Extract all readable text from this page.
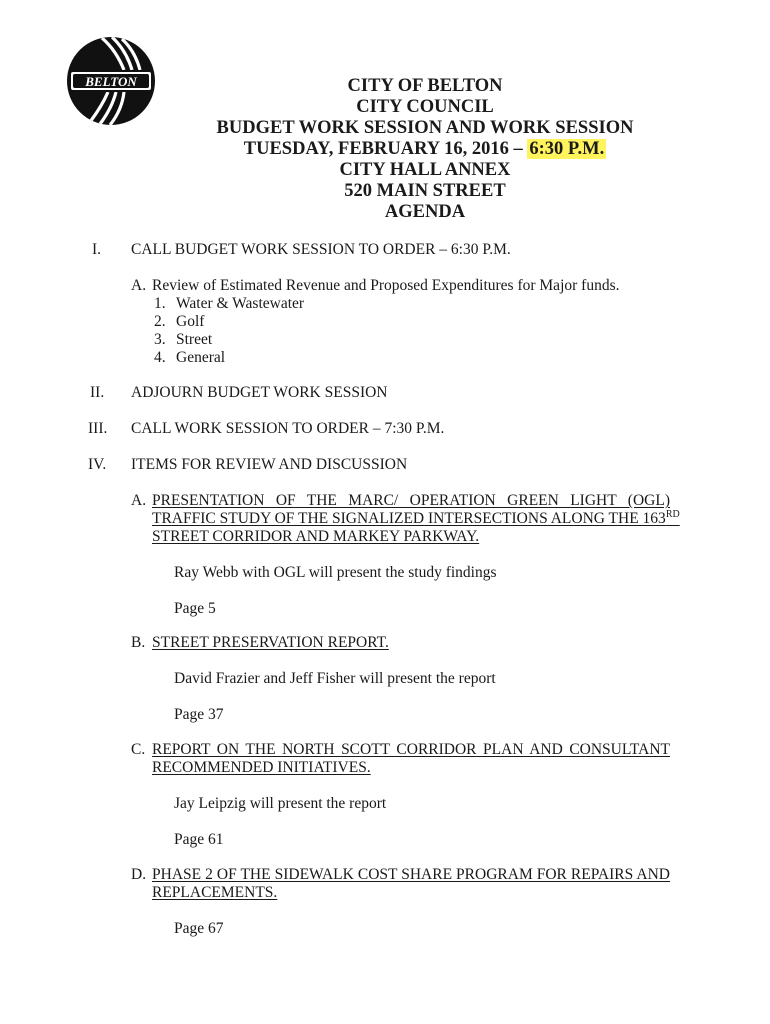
BELTON	CITY OF BELTON
CITY COUNCIL
BUDGET WORK SESSION AND WORK SESSION
TUESDAY, FEBRUARY 16, 2016 – 6:30 P.M.
CITY HALL ANNEX
520 MAIN STREET
AGENDA
I. CALL BUDGET WORK SESSION TO ORDER – 6:30 P.M.
A. Review of Estimated Revenue and Proposed Expenditures for Major funds.
1. Water & Wastewater
2. Golf
3. Street
4. General
II. ADJOURN BUDGET WORK SESSION
III. CALL WORK SESSION TO ORDER – 7:30 P.M.
IV. ITEMS FOR REVIEW AND DISCUSSION
A. PRESENTATION OF THE MARC/ OPERATION GREEN LIGHT (OGL)
TRAFFIC STUDY OF THE SIGNALIZED INTERSECTIONS ALONG THE 163RD
STREET CORRIDOR AND MARKEY PARKWAY.
Ray Webb with OGL will present the study findings
Page 5
B. STREET PRESERVATION REPORT.
David Frazier and Jeff Fisher will present the report
Page 37
C. REPORT ON THE NORTH SCOTT CORRIDOR PLAN AND CONSULTANT
RECOMMENDED INITIATIVES.
Jay Leipzig will present the report
Page 61
D. PHASE 2 OF THE SIDEWALK COST SHARE PROGRAM FOR REPAIRS AND
REPLACEMENTS.
Page 67
